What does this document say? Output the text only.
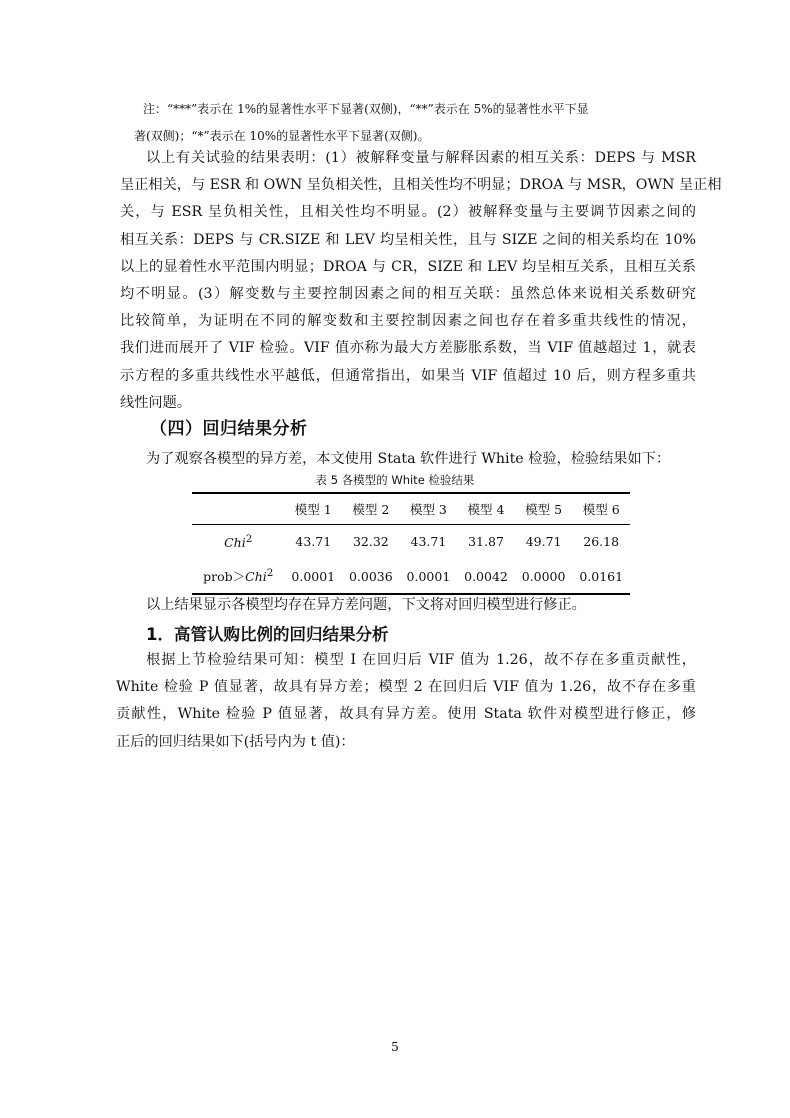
注：“***”表示在 1%的显著性水平下显著(双侧)，“**”表示在 5%的显著性水平下显
著(双侧)；“*”表示在 10%的显著性水平下显著(双侧)。
以上有关试验的结果表明：(1）被解释变量与解释因素的相互关系：DEPS 与 MSR
呈正相关，与 ESR 和 OWN 呈负相关性，且相关性均不明显；DROA 与 MSR，OWN 呈正相
关，与 ESR 呈负相关性，且相关性均不明显。(2）被解释变量与主要调节因素之间的
相互关系：DEPS 与 CR.SIZE 和 LEV 均呈相关性，且与 SIZE 之间的相关系均在 10%
以上的显着性水平范围内明显；DROA 与 CR，SIZE 和 LEV 均呈相互关系，且相互关系
均不明显。(3）解变数与主要控制因素之间的相互关联：虽然总体来说相关系数研究
比较简单，为证明在不同的解变数和主要控制因素之间也存在着多重共线性的情况，
我们进而展开了 VIF 检验。VIF 值亦称为最大方差膨胀系数，当 VIF 值越超过 1，就表
示方程的多重共线性水平越低，但通常指出，如果当 VIF 值超过 10 后，则方程多重共
线性问题。
（四）回归结果分析
为了观察各模型的异方差，本文使用 Stata 软件进行 White 检验，检验结果如下：
表 5 各模型的 White 检验结果
	模型 1	模型 2	模型 3	模型 4	模型 5	模型 6
Chi$^2$	43.71	32.32	43.71	31.87	49.71	26.18
prob＞Chi$^2$	0.0001	0.0036	0.0001	0.0042	0.0000	0.0161
以上结果显示各模型均存在异方差问题，下文将对回归模型进行修正。
1．高管认购比例的回归结果分析
根据上节检验结果可知：模型 I 在回归后 VIF 值为 1.26，故不存在多重贡献性，
White 检验 P 值显著，故具有异方差；模型 2 在回归后 VIF 值为 1.26，故不存在多重
贡献性，White 检验 P 值显著，故具有异方差。使用 Stata 软件对模型进行修正，修
正后的回归结果如下(括号内为 t 值)：
5
